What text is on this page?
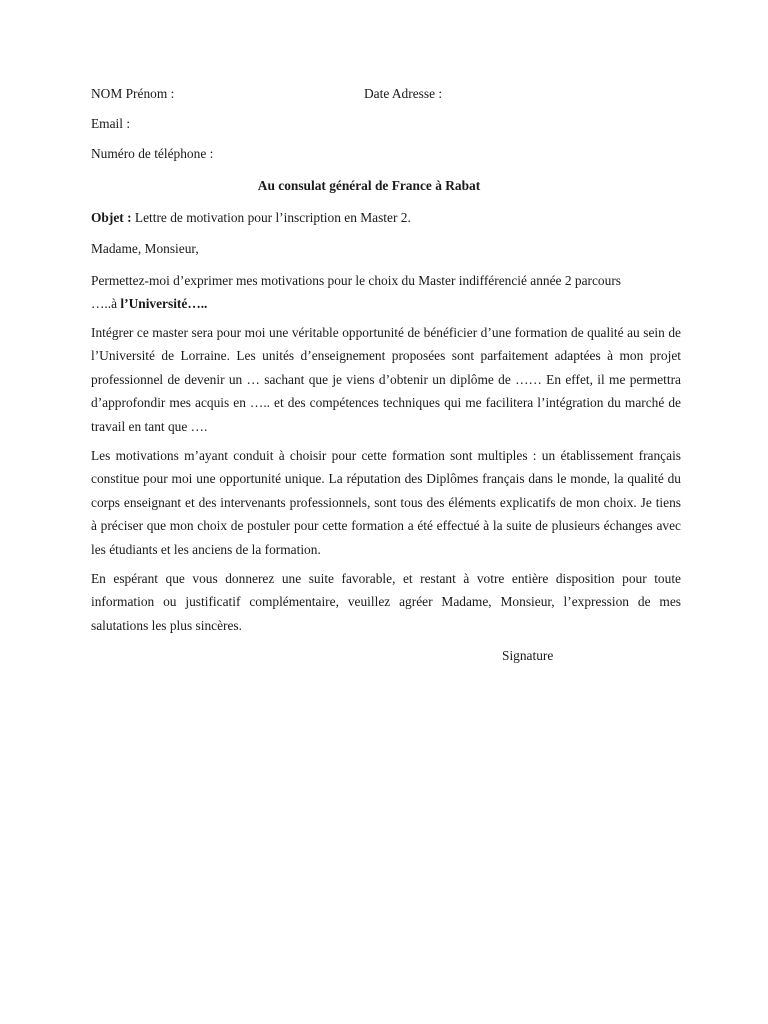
NOM Prénom :	Date Adresse :
Email :
Numéro de téléphone :
Au consulat général de France à Rabat
Objet : Lettre de motivation pour l’inscription en Master 2.
Madame, Monsieur,
Permettez-moi d’exprimer mes motivations pour le choix du Master indifférencié année 2 parcours
…..à l’Université…..
Intégrer ce master sera pour moi une véritable opportunité de bénéficier d’une formation de qualité au sein de l’Université de Lorraine. Les unités d’enseignement proposées sont parfaitement adaptées à mon projet professionnel de devenir un … sachant que je viens d’obtenir un diplôme de …… En effet, il me permettra d’approfondir mes acquis en ….. et des compétences techniques qui me facilitera l’intégration du marché de travail en tant que ….
Les motivations m’ayant conduit à choisir pour cette formation sont multiples : un établissement français constitue pour moi une opportunité unique. La réputation des Diplômes français dans le monde, la qualité du corps enseignant et des intervenants professionnels, sont tous des éléments explicatifs de mon choix. Je tiens à préciser que mon choix de postuler pour cette formation a été effectué à la suite de plusieurs échanges avec les étudiants et les anciens de la formation.
En espérant que vous donnerez une suite favorable, et restant à votre entière disposition pour toute information ou justificatif complémentaire, veuillez agréer Madame, Monsieur, l’expression de mes salutations les plus sincères.
Signature
